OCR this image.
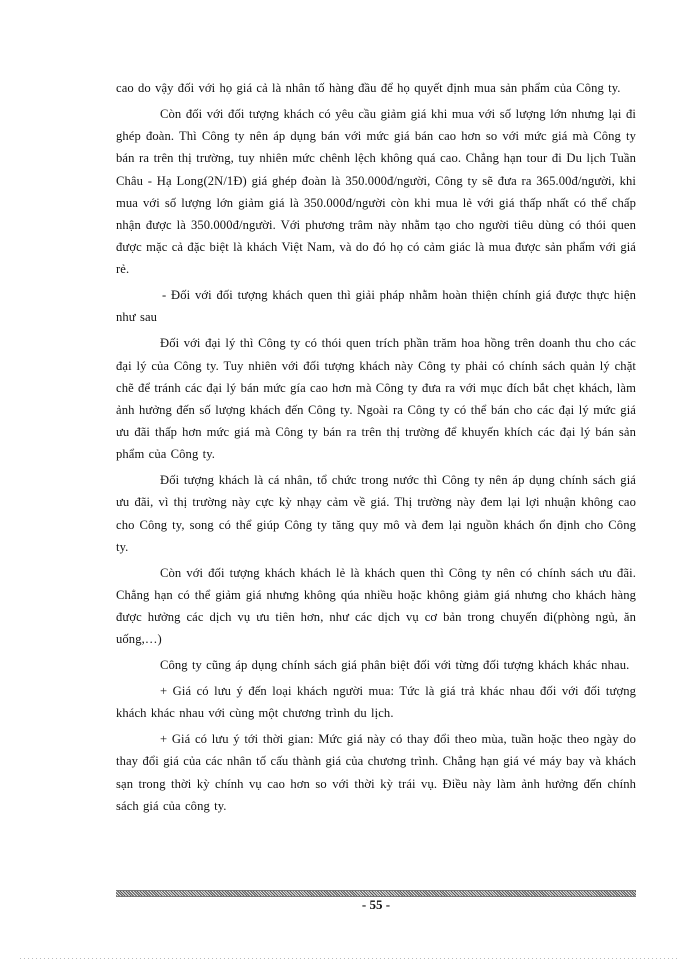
cao do vậy đối với họ giá cả là nhân tố hàng đầu để họ quyết định mua sản phẩm của Công ty.

Còn đối với đối tượng khách có yêu cầu giảm giá khi mua với số lượng lớn nhưng lại đi ghép đoàn. Thì Công ty nên áp dụng bán với mức giá bán cao hơn so với mức giá mà Công ty bán ra trên thị trường, tuy nhiên mức chênh lệch không quá cao. Chẳng hạn tour đi Du lịch Tuần Châu - Hạ Long(2N/1Đ) giá ghép đoàn là 350.000đ/người, Công ty sẽ đưa ra 365.00đ/người, khi mua với số lượng lớn giảm giá là 350.000đ/người còn khi mua lẻ với giá thấp nhất có thể chấp nhận được là 350.000đ/người. Với phương trâm này nhằm tạo cho người tiêu dùng có thói quen được mặc cả đặc biệt là khách Việt Nam, và do đó họ có cảm giác là mua được sản phẩm với giá rẻ.

- Đối với đối tượng khách quen thì giải pháp nhằm hoàn thiện chính giá được thực hiện như sau

Đối với đại lý thì Công ty có thói quen trích phần trăm hoa hồng trên doanh thu cho các đại lý của Công ty. Tuy nhiên với đối tượng khách này Công ty phải có chính sách quản lý chặt chẽ để tránh các đại lý bán mức gía cao hơn mà Công ty đưa ra với mục đích bắt chẹt khách, làm ảnh hưởng đến số lượng khách đến Công ty. Ngoài ra Công ty có thể bán cho các đại lý mức giá ưu đãi thấp hơn mức giá mà Công ty bán ra trên thị trường để khuyến khích các đại lý bán sản phẩm của Công ty.

Đối tượng khách là cá nhân, tổ chức trong nước thì Công ty nên áp dụng chính sách giá ưu đãi, vì thị trường này cực kỳ nhạy cảm về giá. Thị trường này đem lại lợi nhuận không cao cho Công ty, song có thể giúp Công ty tăng quy mô và đem lại nguồn khách ổn định cho Công ty.

Còn với đối tượng khách khách lẻ là khách quen thì Công ty nên có chính sách ưu đãi. Chẳng hạn có thể giảm giá nhưng không qúa nhiều hoặc không giảm giá nhưng cho khách hàng được hưởng các dịch vụ ưu tiên hơn, như các dịch vụ cơ bản trong chuyến đi(phòng ngủ, ăn uống,…)

Công ty cũng áp dụng chính sách giá phân biệt đối với từng đối tượng khách khác nhau.

+ Giá có lưu ý đến loại khách người mua: Tức là giá trả khác nhau đối với đối tượng khách khác nhau với cùng một chương trình du lịch.

+ Giá có lưu ý tới thời gian: Mức giá này có thay đổi theo mùa, tuần hoặc theo ngày do thay đổi giá của các nhân tố cấu thành giá của chương trình. Chẳng hạn giá vé máy bay và khách sạn trong thời kỳ chính vụ cao hơn so với thời kỳ trái vụ. Điều này làm ảnh hưởng đến chính sách giá của công ty.

- 55 -
